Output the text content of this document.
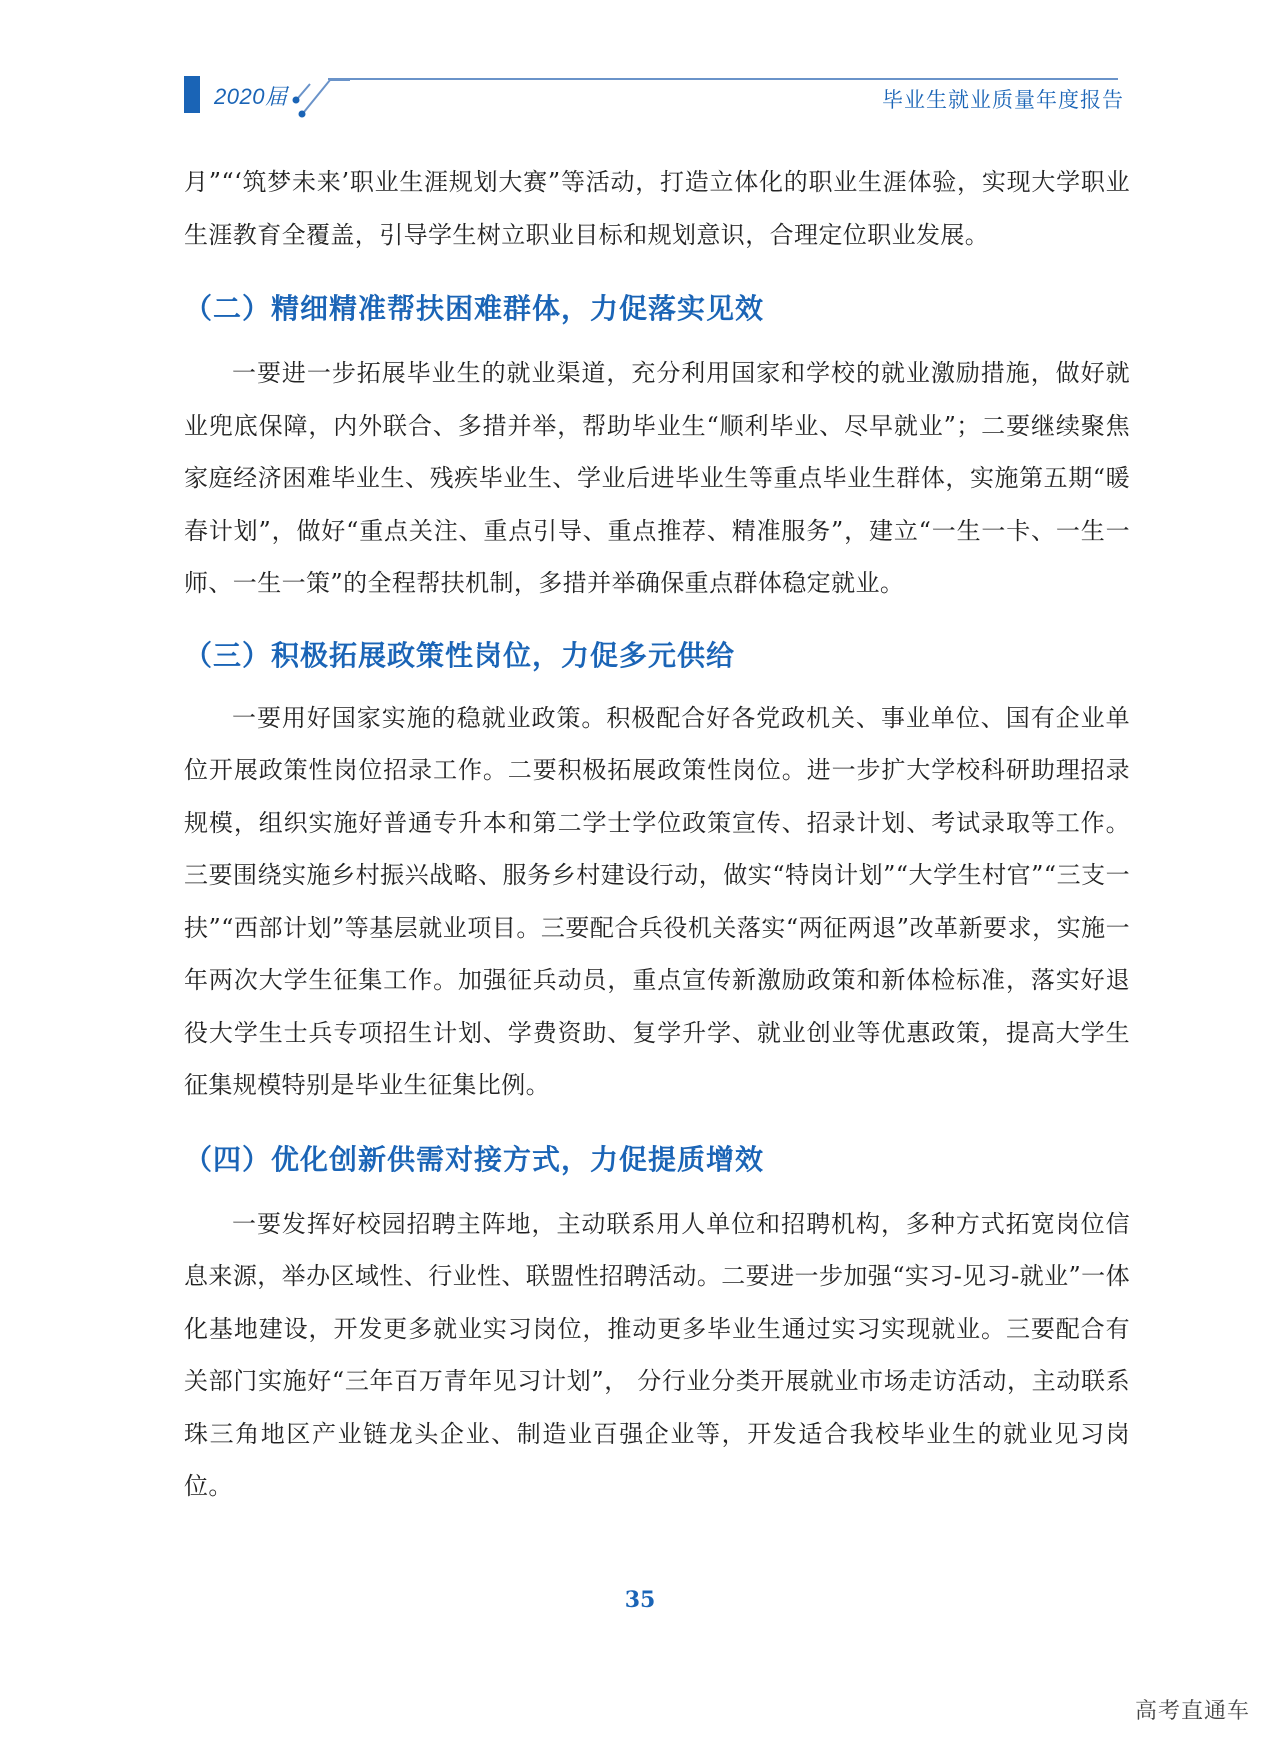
2020届	毕业生就业质量年度报告

月”“‘筑梦未来’职业生涯规划大赛”等活动，打造立体化的职业生涯体验，实现大学职业生涯教育全覆盖，引导学生树立职业目标和规划意识，合理定位职业发展。

（二）精细精准帮扶困难群体，力促落实见效

一要进一步拓展毕业生的就业渠道，充分利用国家和学校的就业激励措施，做好就业兜底保障，内外联合、多措并举，帮助毕业生“顺利毕业、尽早就业”；二要继续聚焦家庭经济困难毕业生、残疾毕业生、学业后进毕业生等重点毕业生群体，实施第五期“暖春计划”，做好“重点关注、重点引导、重点推荐、精准服务”，建立“一生一卡、一生一师、一生一策”的全程帮扶机制，多措并举确保重点群体稳定就业。

（三）积极拓展政策性岗位，力促多元供给

一要用好国家实施的稳就业政策。积极配合好各党政机关、事业单位、国有企业单位开展政策性岗位招录工作。二要积极拓展政策性岗位。进一步扩大学校科研助理招录规模，组织实施好普通专升本和第二学士学位政策宣传、招录计划、考试录取等工作。三要围绕实施乡村振兴战略、服务乡村建设行动，做实“特岗计划”“大学生村官”“三支一扶”“西部计划”等基层就业项目。三要配合兵役机关落实“两征两退”改革新要求，实施一年两次大学生征集工作。加强征兵动员，重点宣传新激励政策和新体检标准，落实好退役大学生士兵专项招生计划、学费资助、复学升学、就业创业等优惠政策，提高大学生征集规模特别是毕业生征集比例。

（四）优化创新供需对接方式，力促提质增效

一要发挥好校园招聘主阵地，主动联系用人单位和招聘机构，多种方式拓宽岗位信息来源，举办区域性、行业性、联盟性招聘活动。二要进一步加强“实习-见习-就业”一体化基地建设，开发更多就业实习岗位，推动更多毕业生通过实习实现就业。三要配合有关部门实施好“三年百万青年见习计划”， 分行业分类开展就业市场走访活动，主动联系珠三角地区产业链龙头企业、制造业百强企业等，开发适合我校毕业生的就业见习岗位。

35
高考直通车
